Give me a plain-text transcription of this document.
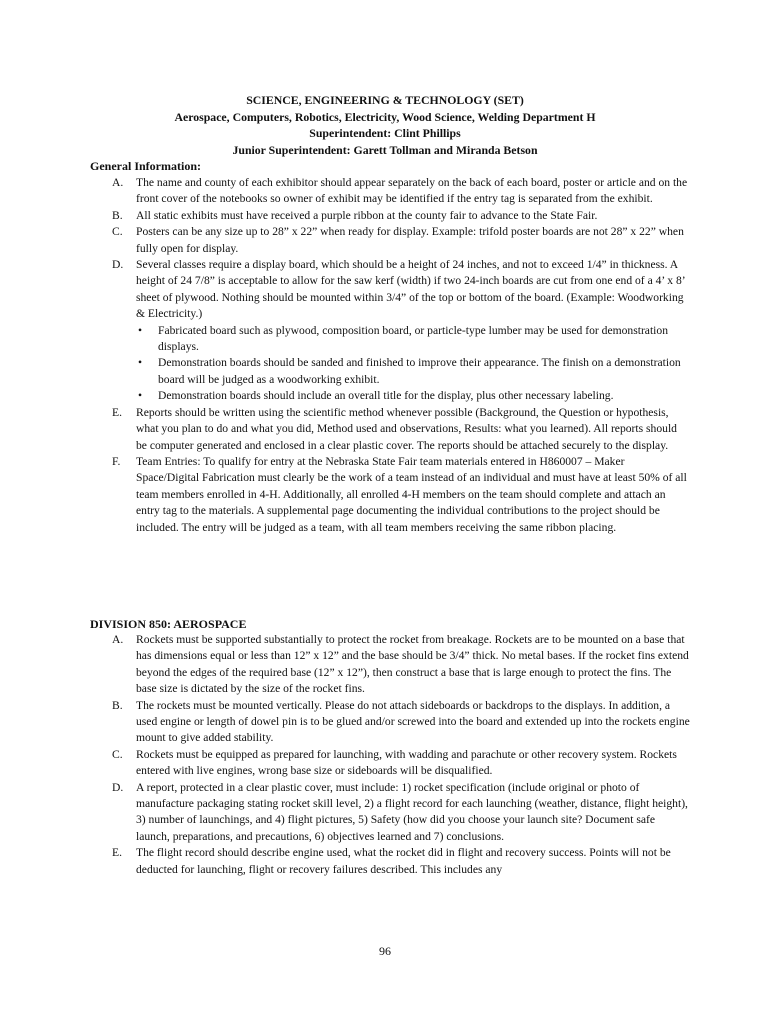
SCIENCE, ENGINEERING & TECHNOLOGY (SET)
Aerospace, Computers, Robotics, Electricity, Wood Science, Welding Department H
Superintendent: Clint Phillips
Junior Superintendent: Garett Tollman and Miranda Betson
General Information:
A. The name and county of each exhibitor should appear separately on the back of each board, poster or article and on the front cover of the notebooks so owner of exhibit may be identified if the entry tag is separated from the exhibit.
B. All static exhibits must have received a purple ribbon at the county fair to advance to the State Fair.
C. Posters can be any size up to 28” x 22” when ready for display. Example: trifold poster boards are not 28” x 22” when fully open for display.
D. Several classes require a display board, which should be a height of 24 inches, and not to exceed 1/4” in thickness. A height of 24 7/8” is acceptable to allow for the saw kerf (width) if two 24-inch boards are cut from one end of a 4’ x 8’ sheet of plywood. Nothing should be mounted within 3/4” of the top or bottom of the board. (Example: Woodworking & Electricity.)
• Fabricated board such as plywood, composition board, or particle-type lumber may be used for demonstration displays.
• Demonstration boards should be sanded and finished to improve their appearance. The finish on a demonstration board will be judged as a woodworking exhibit.
• Demonstration boards should include an overall title for the display, plus other necessary labeling.
E. Reports should be written using the scientific method whenever possible (Background, the Question or hypothesis, what you plan to do and what you did, Method used and observations, Results: what you learned). All reports should be computer generated and enclosed in a clear plastic cover. The reports should be attached securely to the display.
F. Team Entries: To qualify for entry at the Nebraska State Fair team materials entered in H860007 – Maker Space/Digital Fabrication must clearly be the work of a team instead of an individual and must have at least 50% of all team members enrolled in 4-H. Additionally, all enrolled 4-H members on the team should complete and attach an entry tag to the materials. A supplemental page documenting the individual contributions to the project should be included. The entry will be judged as a team, with all team members receiving the same ribbon placing.
DIVISION 850: AEROSPACE
A. Rockets must be supported substantially to protect the rocket from breakage. Rockets are to be mounted on a base that has dimensions equal or less than 12” x 12” and the base should be 3/4” thick. No metal bases. If the rocket fins extend beyond the edges of the required base (12” x 12”), then construct a base that is large enough to protect the fins. The base size is dictated by the size of the rocket fins.
B. The rockets must be mounted vertically. Please do not attach sideboards or backdrops to the displays. In addition, a used engine or length of dowel pin is to be glued and/or screwed into the board and extended up into the rockets engine mount to give added stability.
C. Rockets must be equipped as prepared for launching, with wadding and parachute or other recovery system. Rockets entered with live engines, wrong base size or sideboards will be disqualified.
D. A report, protected in a clear plastic cover, must include: 1) rocket specification (include original or photo of manufacture packaging stating rocket skill level, 2) a flight record for each launching (weather, distance, flight height), 3) number of launchings, and 4) flight pictures, 5) Safety (how did you choose your launch site? Document safe launch, preparations, and precautions, 6) objectives learned and 7) conclusions.
E. The flight record should describe engine used, what the rocket did in flight and recovery success. Points will not be deducted for launching, flight or recovery failures described. This includes any
96
